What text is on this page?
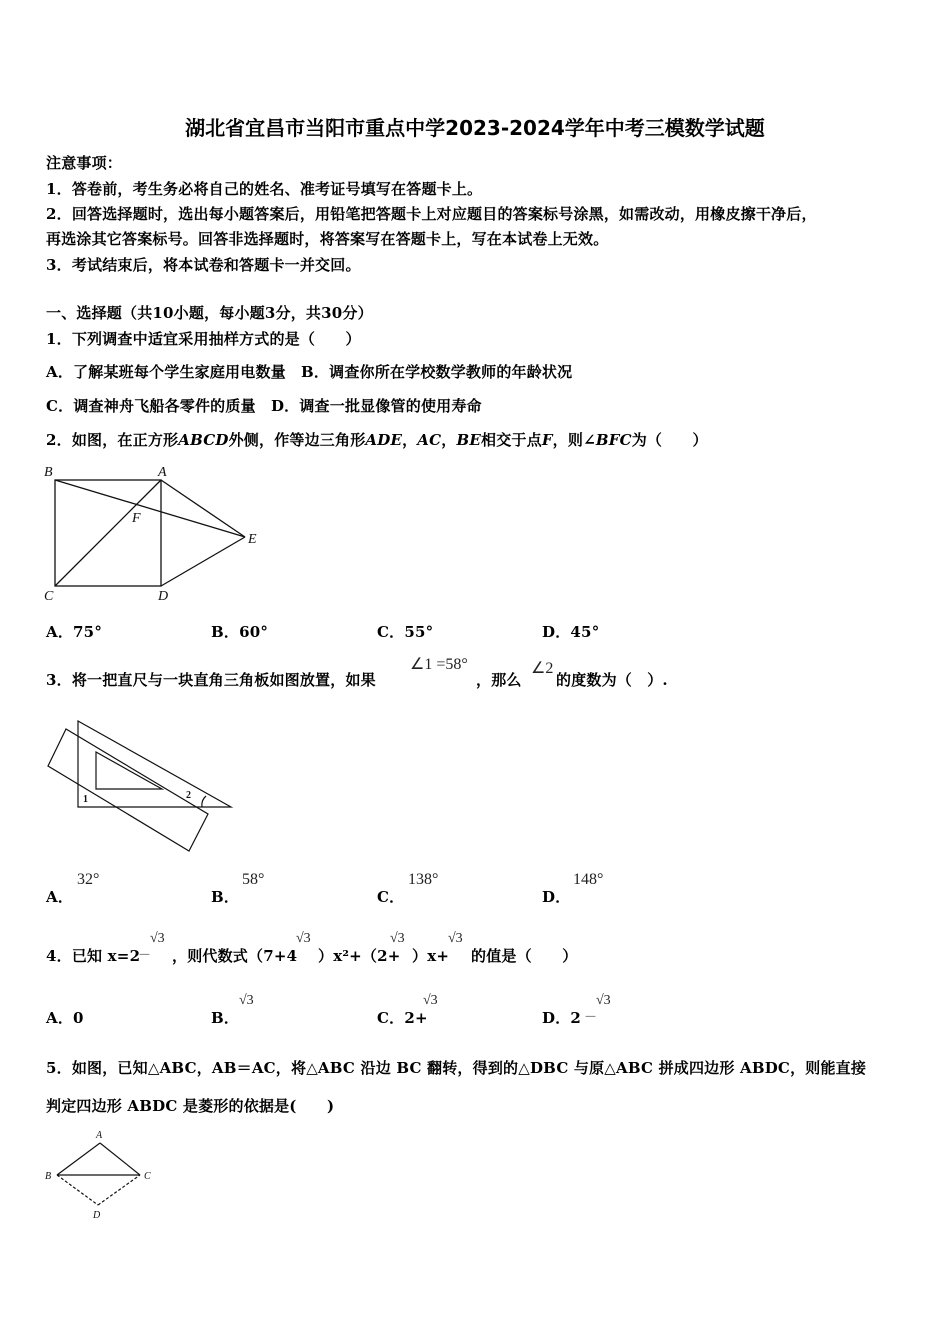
湖北省宜昌市当阳市重点中学2023-2024学年中考三模数学试题
注意事项：
1．答卷前，考生务必将自己的姓名、准考证号填写在答题卡上。
2．回答选择题时，选出每小题答案后，用铅笔把答题卡上对应题目的答案标号涂黑，如需改动，用橡皮擦干净后，
再选涂其它答案标号。回答非选择题时，将答案写在答题卡上，写在本试卷上无效。
3．考试结束后，将本试卷和答题卡一并交回。
一、选择题（共10小题，每小题3分，共30分）
1．下列调查中适宜采用抽样方式的是（　　）
A．了解某班每个学生家庭用电数量　B．调查你所在学校数学教师的年龄状况
C．调查神舟飞船各零件的质量　D．调查一批显像管的使用寿命
2．如图，在正方形ABCD外侧，作等边三角形ADE，AC，BE相交于点F，则∠BFC为（　　）
B	A
F
E
C	D
A．75°	B．60°	C．55°	D．45°
3．将一把直尺与一块直角三角板如图放置，如果
∠1 =58°
，那么
∠2
的度数为（　）.
1	2
A．
32°
B．
58°
C．
138°
D．
148°
4．已知 x=2
－
√3
，则代数式（7+4
√3
）x²+（2+
√3
）x+
√3
的值是（　　）
A．0	B．
√3
C．2+
√3
D．2 －
√3
5．如图，已知△ABC，AB＝AC，将△ABC 沿边 BC 翻转，得到的△DBC 与原△ABC 拼成四边形 ABDC，则能直接
判定四边形 ABDC 是菱形的依据是(　　)
A
B	C
D
